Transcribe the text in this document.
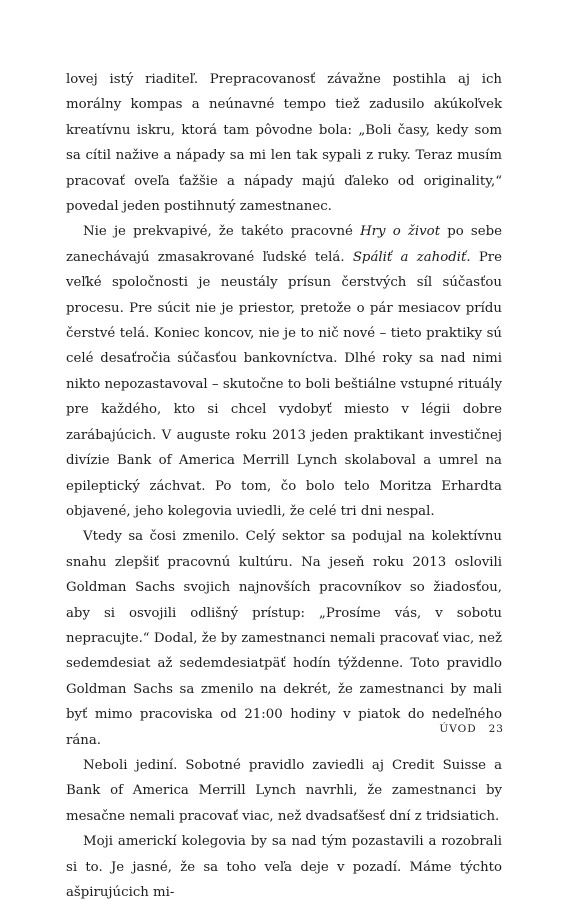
lovej istý riaditeľ. Prepracovanosť závažne postihla aj ich morálny kompas a neúnavné tempo tiež zadusilo akúkoľvek kreatívnu iskru, ktorá tam pôvodne bola: „Boli časy, kedy som sa cítil nažive a nápady sa mi len tak sypali z ruky. Teraz musím pracovať oveľa ťažšie a nápady majú ďaleko od originality,“ povedal jeden postihnutý zamestnanec.

Nie je prekvapivé, že takéto pracovné Hry o život po sebe zanechávajú zmasakrované ľudské telá. Spáliť a zahodiť. Pre veľké spoločnosti je neustály prísun čerstvých síl súčasťou procesu. Pre súcit nie je priestor, pretože o pár mesiacov prídu čerstvé telá. Koniec koncov, nie je to nič nové – tieto praktiky sú celé desaťročia súčasťou bankovníctva. Dlhé roky sa nad nimi nikto nepozastavoval – skutočne to boli beštiálne vstupné rituály pre každého, kto si chcel vydobyť miesto v légii dobre zarábajúcich. V auguste roku 2013 jeden praktikant investičnej divízie Bank of America Merrill Lynch skolaboval a umrel na epileptický záchvat. Po tom, čo bolo telo Moritza Erhardta objavené, jeho kolegovia uviedli, že celé tri dni nespal.

Vtedy sa čosi zmenilo. Celý sektor sa podujal na kolektívnu snahu zlepšiť pracovnú kultúru. Na jeseň roku 2013 oslovili Goldman Sachs svojich najnovších pracovníkov so žiadosťou, aby si osvojili odlišný prístup: „Prosíme vás, v sobotu nepracujte.“ Dodal, že by zamestnanci nemali pracovať viac, než sedemdesiat až sedemdesiatpäť hodín týždenne. Toto pravidlo Goldman Sachs sa zmenilo na dekrét, že zamestnanci by mali byť mimo pracoviska od 21:00 hodiny v piatok do nedeľného rána.

Neboli jediní. Sobotné pravidlo zaviedli aj Credit Suisse a Bank of America Merrill Lynch navrhli, že zamestnanci by mesačne nemali pracovať viac, než dvadsaťšesť dní z tridsiatich.

Moji americkí kolegovia by sa nad tým pozastavili a rozobrali si to. Je jasné, že sa toho veľa deje v pozadí. Máme týchto ašpirujúcich mi-

ÚVOD 23
